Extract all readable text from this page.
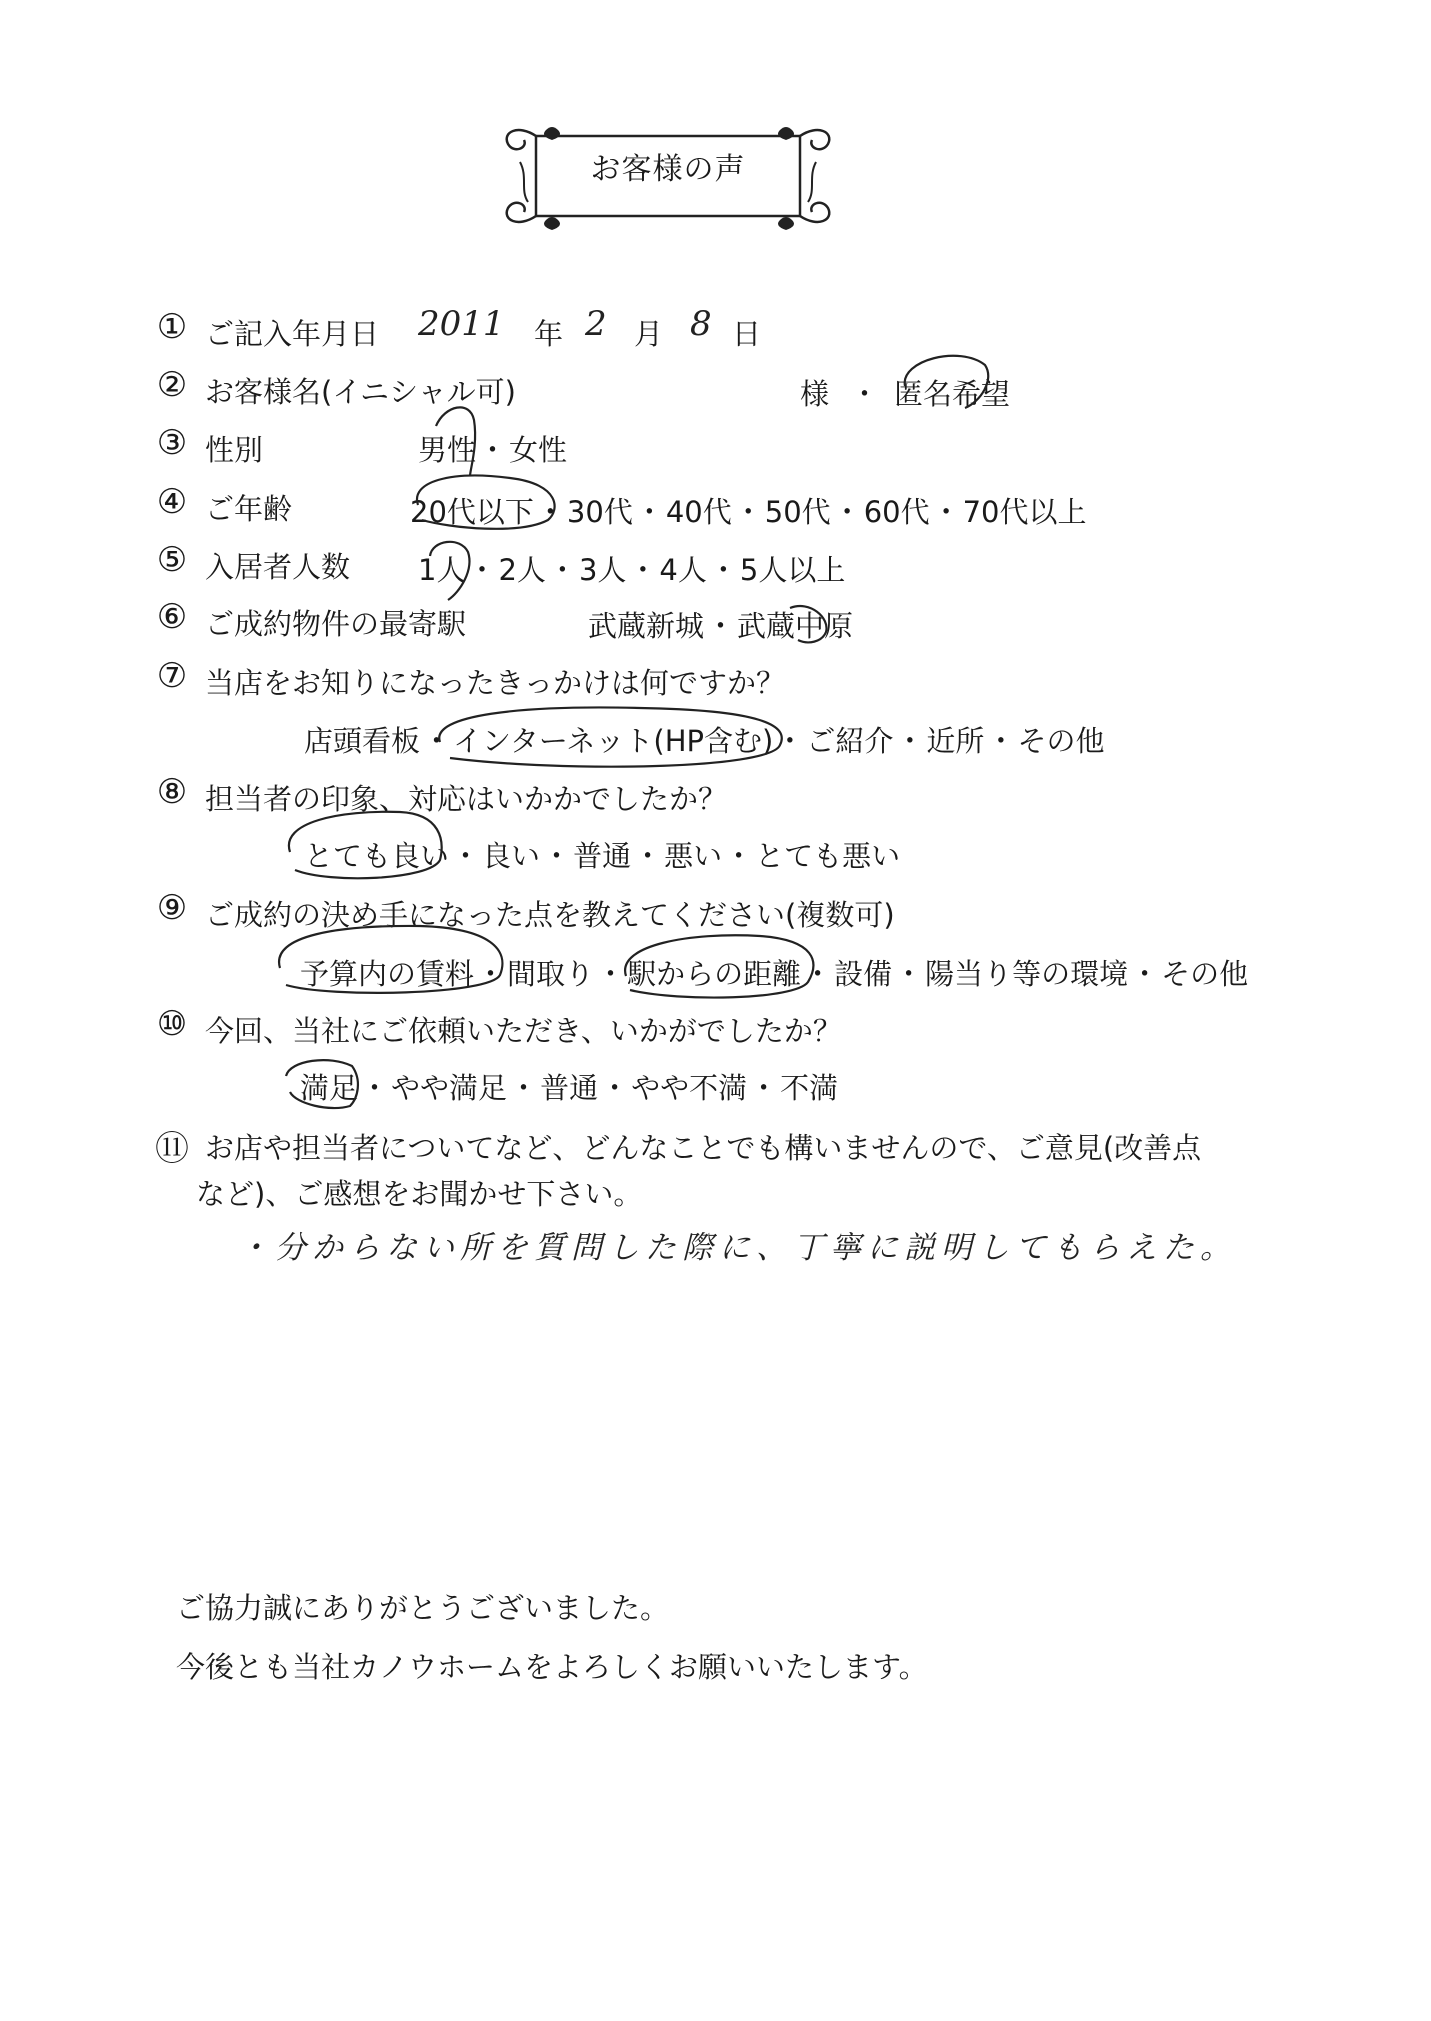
お客様の声
① ご記入年月日 2011 年 2 月 8 日
② お客様名(イニシャル可)	様 ・ 匿名希望
③ 性別	男性・女性
④ ご年齢	20代以下・30代・40代・50代・60代・70代以上
⑤ 入居者人数 1人・2人・3人・4人・5人以上
⑥ ご成約物件の最寄駅	武蔵新城・武蔵中原
⑦ 当店をお知りになったきっかけは何ですか？
店頭看板・インターネット(HP含む)・ご紹介・近所・その他
⑧ 担当者の印象、対応はいかかでしたか？
とても良い・良い・普通・悪い・とても悪い
⑨ ご成約の決め手になった点を教えてください(複数可)
予算内の賃料・間取り・駅からの距離・設備・陽当り等の環境・その他
⑩ 今回、当社にご依頼いただき、いかがでしたか？
満足・やや満足・普通・やや不満・不満
⑪ お店や担当者についてなど、どんなことでも構いませんので、ご意見(改善点
など)、ご感想をお聞かせ下さい。
・分からない所を質問した際に、丁寧に説明してもらえた。
ご協力誠にありがとうございました。
今後とも当社カノウホームをよろしくお願いいたします。
